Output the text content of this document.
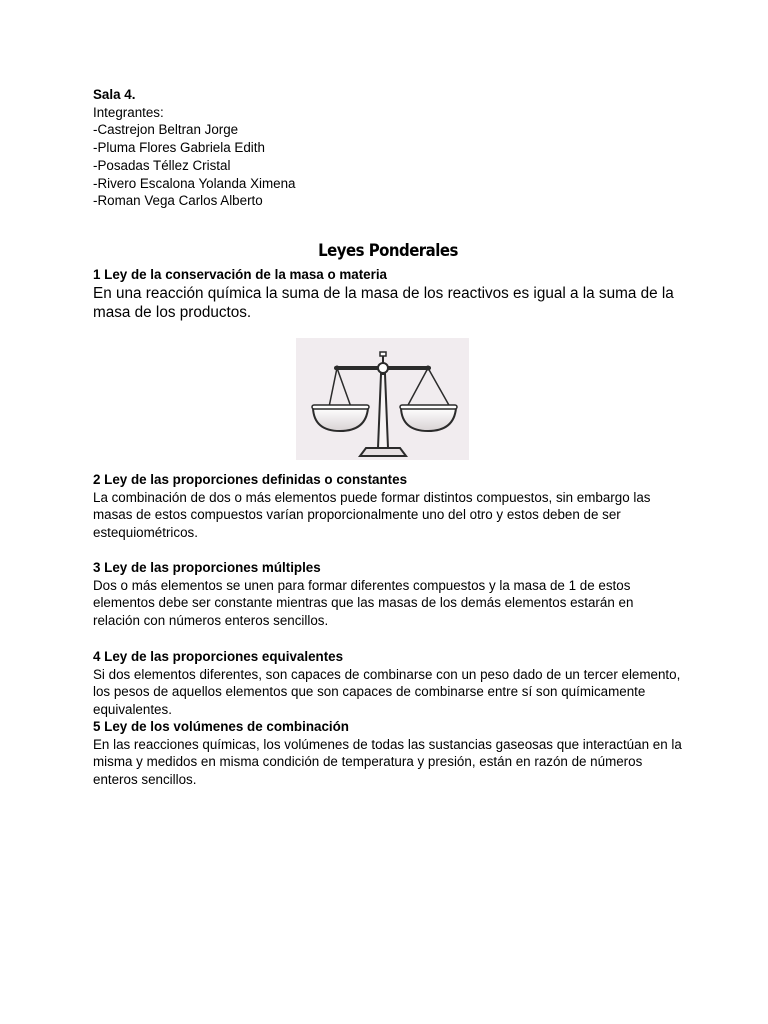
Sala 4.

Integrantes:

-Castrejon Beltran Jorge

-Pluma Flores Gabriela Edith

-Posadas Téllez Cristal

-Rivero Escalona Yolanda Ximena

-Roman Vega Carlos Alberto

Leyes Ponderales

1 Ley de la conservación de la masa o materia

En una reacción química la suma de la masa de los reactivos es igual a la suma de la masa de los productos.

2 Ley de las proporciones definidas o constantes

La combinación de dos o más elementos puede formar distintos compuestos, sin embargo las masas de estos compuestos varían proporcionalmente uno del otro y estos deben de ser estequiométricos.

3 Ley de las proporciones múltiples

Dos o más elementos se unen para formar diferentes compuestos y la masa de 1 de estos elementos debe ser constante mientras que las masas de los demás elementos estarán en relación con números enteros sencillos.

4 Ley de las proporciones equivalentes

Si dos elementos diferentes, son capaces de combinarse con un peso dado de un tercer elemento, los pesos de aquellos elementos que son capaces de combinarse entre sí son químicamente equivalentes.

5 Ley de los volúmenes de combinación

En las reacciones químicas, los volúmenes de todas las sustancias gaseosas que interactúan en la misma y medidos en misma condición de temperatura y presión, están en razón de números enteros sencillos.
